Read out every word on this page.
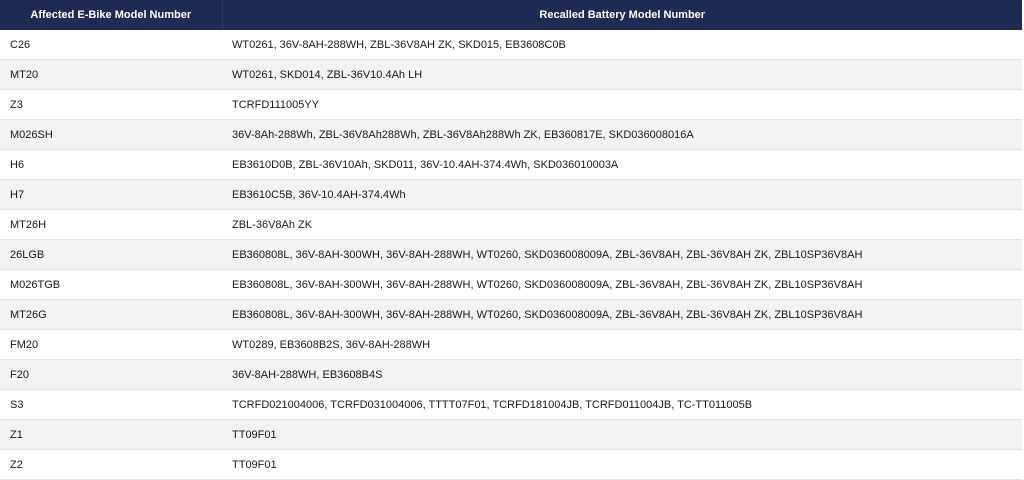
Affected E-Bike Model Number	Recalled Battery Model Number
C26	WT0261, 36V-8AH-288WH, ZBL-36V8AH ZK, SKD015, EB3608C0B
MT20	WT0261, SKD014, ZBL-36V10.4Ah LH
Z3	TCRFD111005YY
M026SH	36V-8Ah-288Wh, ZBL-36V8Ah288Wh, ZBL-36V8Ah288Wh ZK, EB360817E, SKD036008016A
H6	EB3610D0B, ZBL-36V10Ah, SKD011, 36V-10.4AH-374.4Wh, SKD036010003A
H7	EB3610C5B, 36V-10.4AH-374.4Wh
MT26H	ZBL-36V8Ah ZK
26LGB	EB360808L, 36V-8AH-300WH, 36V-8AH-288WH, WT0260, SKD036008009A, ZBL-36V8AH, ZBL-36V8AH ZK, ZBL10SP36V8AH
M026TGB	EB360808L, 36V-8AH-300WH, 36V-8AH-288WH, WT0260, SKD036008009A, ZBL-36V8AH, ZBL-36V8AH ZK, ZBL10SP36V8AH
MT26G	EB360808L, 36V-8AH-300WH, 36V-8AH-288WH, WT0260, SKD036008009A, ZBL-36V8AH, ZBL-36V8AH ZK, ZBL10SP36V8AH
FM20	WT0289, EB3608B2S, 36V-8AH-288WH
F20	36V-8AH-288WH, EB3608B4S
S3	TCRFD021004006, TCRFD031004006, TTTT07F01, TCRFD181004JB, TCRFD011004JB, TC-TT011005B
Z1	TT09F01
Z2	TT09F01
